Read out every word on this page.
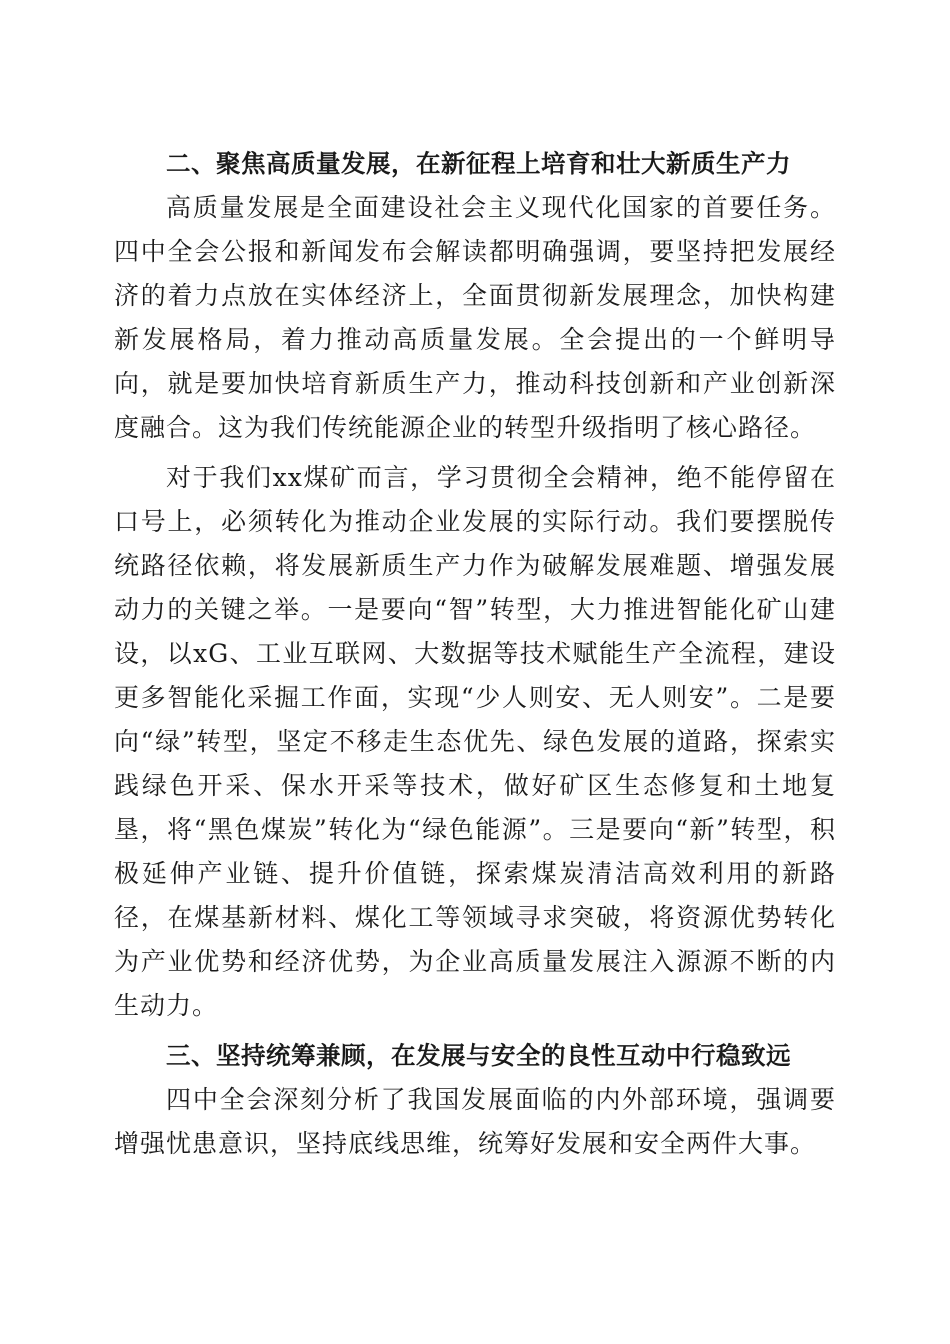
二、聚焦高质量发展，在新征程上培育和壮大新质生产力

高质量发展是全面建设社会主义现代化国家的首要任务。四中全会公报和新闻发布会解读都明确强调，要坚持把发展经济的着力点放在实体经济上，全面贯彻新发展理念，加快构建新发展格局，着力推动高质量发展。全会提出的一个鲜明导向，就是要加快培育新质生产力，推动科技创新和产业创新深度融合。这为我们传统能源企业的转型升级指明了核心路径。

对于我们xx煤矿而言，学习贯彻全会精神，绝不能停留在口号上，必须转化为推动企业发展的实际行动。我们要摆脱传统路径依赖，将发展新质生产力作为破解发展难题、增强发展动力的关键之举。一是要向“智”转型，大力推进智能化矿山建设，以xG、工业互联网、大数据等技术赋能生产全流程，建设更多智能化采掘工作面，实现“少人则安、无人则安”。二是要向“绿”转型，坚定不移走生态优先、绿色发展的道路，探索实践绿色开采、保水开采等技术，做好矿区生态修复和土地复垦，将“黑色煤炭”转化为“绿色能源”。三是要向“新”转型，积极延伸产业链、提升价值链，探索煤炭清洁高效利用的新路径，在煤基新材料、煤化工等领域寻求突破，将资源优势转化为产业优势和经济优势，为企业高质量发展注入源源不断的内生动力。

三、坚持统筹兼顾，在发展与安全的良性互动中行稳致远

四中全会深刻分析了我国发展面临的内外部环境，强调要增强忧患意识，坚持底线思维，统筹好发展和安全两件大事。
